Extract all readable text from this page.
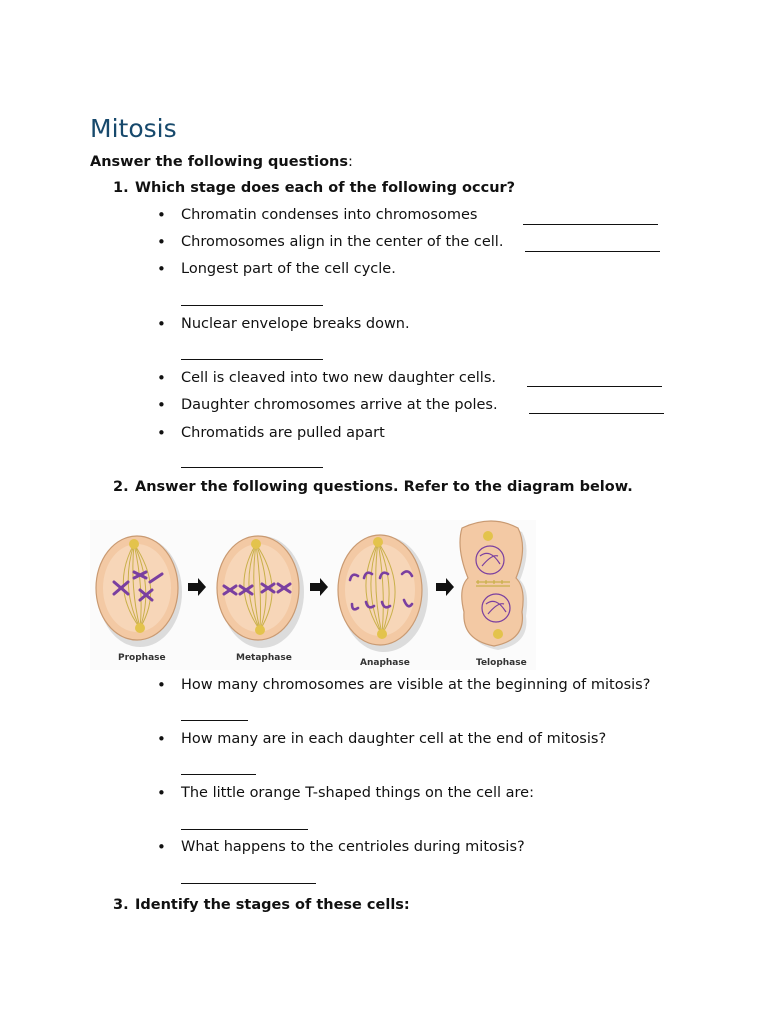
Mitosis
Answer the following questions:
1. Which stage does each of the following occur?
• Chromatin condenses into chromosomes
• Chromosomes align in the center of the cell.
• Longest part of the cell cycle.
• Nuclear envelope breaks down.
• Cell is cleaved into two new daughter cells.
• Daughter chromosomes arrive at the poles.
• Chromatids are pulled apart
2. Answer the following questions. Refer to the diagram below.
Prophase	Metaphase	Anaphase	Telophase
• How many chromosomes are visible at the beginning of mitosis?
• How many are in each daughter cell at the end of mitosis?
• The little orange T-shaped things on the cell are:
• What happens to the centrioles during mitosis?
3. Identify the stages of these cells:
